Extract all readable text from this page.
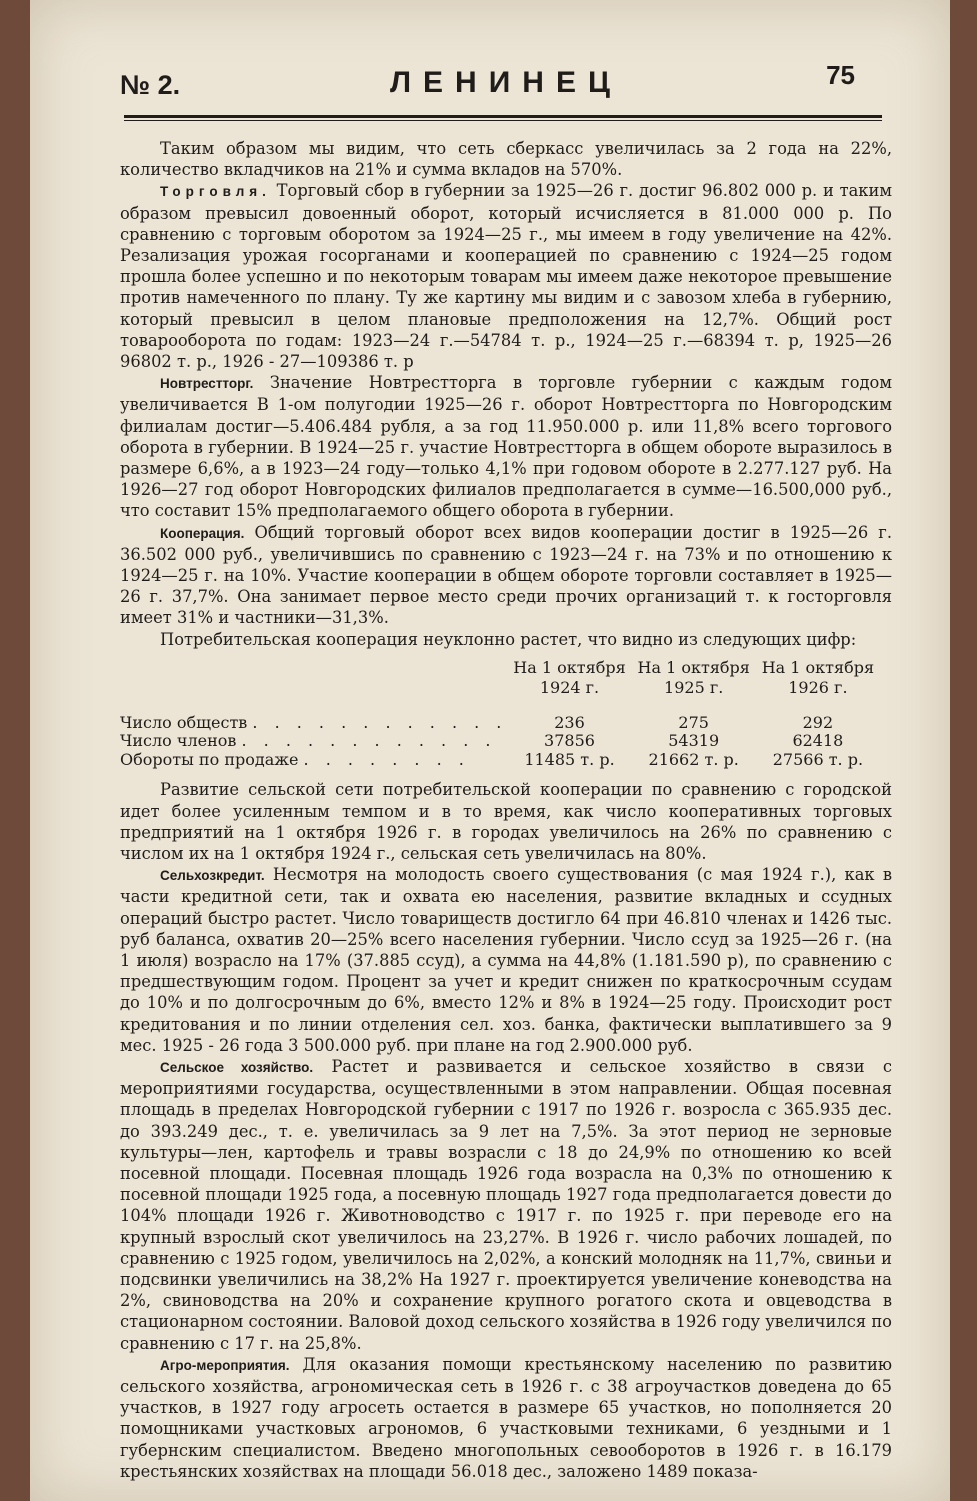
№ 2.	ЛЕНИНЕЦ	75

Таким образом мы видим, что сеть сберкасс увеличилась за 2 года на 22%, количество вкладчиков на 21% и сумма вкладов на 570%.

Торговля. Торговый сбор в губернии за 1925—26 г. достиг 96.802 000 р. и таким образом превысил довоенный оборот, который исчисляется в 81.000 000 р. По сравнению с торговым оборотом за 1924—25 г., мы имеем в году увеличение на 42%. Резализация урожая госорганами и кооперацией по сравнению с 1924—25 годом прошла более успешно и по некоторым товарам мы имеем даже некоторое превышение против намеченного по плану. Ту же картину мы видим и с завозом хлеба в губернию, который превысил в целом плановые предположения на 12,7%. Общий рост товарооборота по годам: 1923—24 г.—54784 т. р., 1924—25 г.—68394 т. р, 1925—26 96802 т. р., 1926 - 27—109386 т. р

Новтрестторг. Значение Новтрестторга в торговле губернии с каждым годом увеличивается В 1-ом полугодии 1925—26 г. оборот Новтрестторга по Новгородским филиалам достиг—5.406.484 рубля, а за год 11.950.000 р. или 11,8% всего торгового оборота в губернии. В 1924—25 г. участие Новтрестторга в общем обороте выразилось в размере 6,6%, а в 1923—24 году—только 4,1% при годовом обороте в 2.277.127 руб. На 1926—27 год оборот Новгородских филиалов предполагается в сумме—16.500,000 руб., что составит 15% предполагаемого общего оборота в губернии.

Кооперация. Общий торговый оборот всех видов кооперации достиг в 1925—26 г. 36.502 000 руб., увеличившись по сравнению с 1923—24 г. на 73% и по отношению к 1924—25 г. на 10%. Участие кооперации в общем обороте торговли составляет в 1925—26 г. 37,7%. Она занимает первое место среди прочих организаций т. к госторговля имеет 31% и частники—31,3%.

Потребительская кооперация неуклонно растет, что видно из следующих цифр:

	На 1 октября 1924 г.	На 1 октября 1925 г.	На 1 октября 1926 г.
Число обществ . . . . . . . . . . . .	236	275	292
Число членов . . . . . . . . . . . .	37856	54319	62418
Обороты по продаже . . . . . . . .	11485 т. р.	21662 т. р.	27566 т. р.

Развитие сельской сети потребительской кооперации по сравнению с городской идет более усиленным темпом и в то время, как число кооперативных торговых предприятий на 1 октября 1926 г. в городах увеличилось на 26% по сравнению с числом их на 1 октября 1924 г., сельская сеть увеличилась на 80%.

Сельхозкредит. Несмотря на молодость своего существования (с мая 1924 г.), как в части кредитной сети, так и охвата ею населения, развитие вкладных и ссудных операций быстро растет. Число товариществ достигло 64 при 46.810 членах и 1426 тыс. руб баланса, охватив 20—25% всего населения губернии. Число ссуд за 1925—26 г. (на 1 июля) возрасло на 17% (37.885 ссуд), а сумма на 44,8% (1.181.590 р), по сравнению с предшествующим годом. Процент за учет и кредит снижен по краткосрочным ссудам до 10% и по долгосрочным до 6%, вместо 12% и 8% в 1924—25 году. Происходит рост кредитования и по линии отделения сел. хоз. банка, фактически выплатившего за 9 мес. 1925 - 26 года 3 500.000 руб. при плане на год 2.900.000 руб.

Сельское хозяйство. Растет и развивается и сельское хозяйство в связи с мероприятиями государства, осуществленными в этом направлении. Общая посевная площадь в пределах Новгородской губернии с 1917 по 1926 г. возросла с 365.935 дес. до 393.249 дес., т. е. увеличилась за 9 лет на 7,5%. За этот период не зерновые культуры—лен, картофель и травы возрасли с 18 до 24,9% по отношению ко всей посевной площади. Посевная площадь 1926 года возрасла на 0,3% по отношению к посевной площади 1925 года, а посевную площадь 1927 года предполагается довести до 104% площади 1926 г. Животноводство с 1917 г. по 1925 г. при переводе его на крупный взрослый скот увеличилось на 23,27%. В 1926 г. число рабочих лошадей, по сравнению с 1925 годом, увеличилось на 2,02%, а конский молодняк на 11,7%, свиньи и подсвинки увеличились на 38,2% На 1927 г. проектируется увеличение коневодства на 2%, свиноводства на 20% и сохранение крупного рогатого скота и овцеводства в стационарном состоянии. Валовой доход сельского хозяйства в 1926 году увеличился по сравнению с 17 г. на 25,8%.

Агро-мероприятия. Для оказания помощи крестьянскому населению по развитию сельского хозяйства, агрономическая сеть в 1926 г. с 38 агроучастков доведена до 65 участков, в 1927 году агросеть остается в размере 65 участков, но пополняется 20 помощниками участковых агрономов, 6 участковыми техниками, 6 уездными и 1 губернским специалистом. Введено многопольных севооборотов в 1926 г. в 16.179 крестьянских хозяйствах на площади 56.018 дес., заложено 1489 показа-
